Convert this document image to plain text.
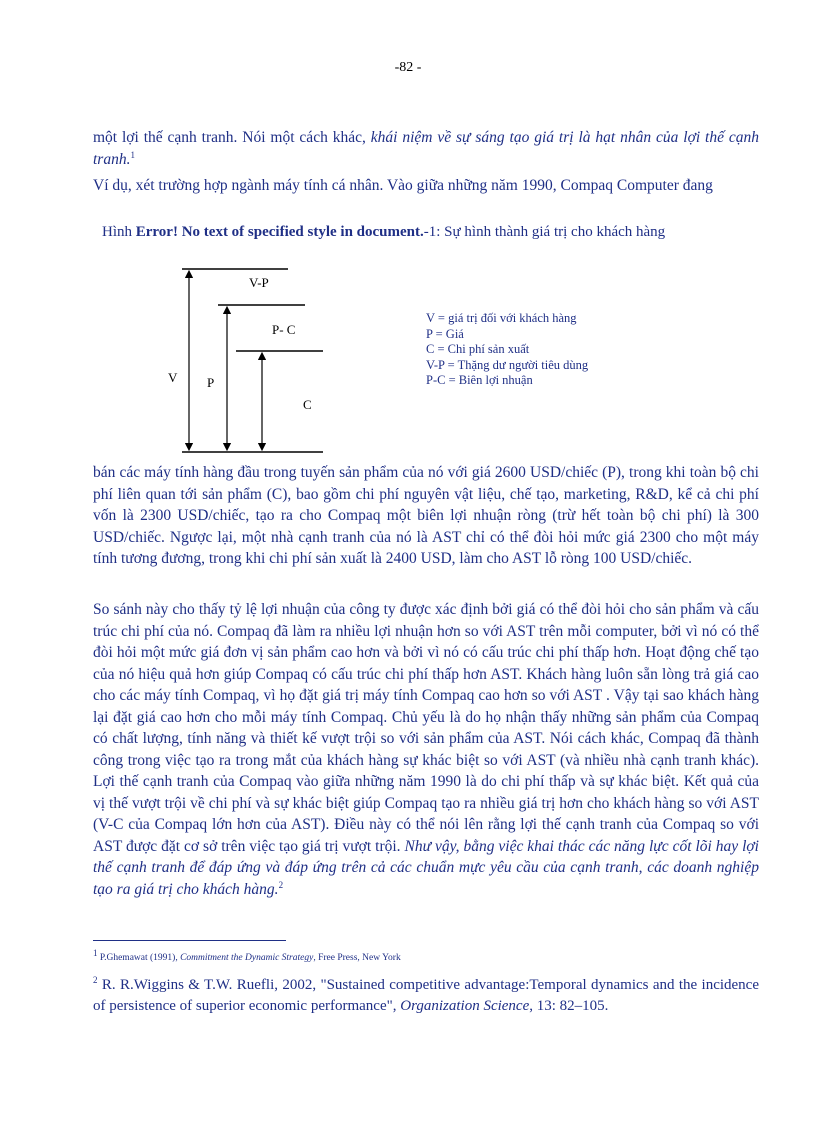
-82 -

một lợi thế cạnh tranh. Nói một cách khác, khái niệm về sự sáng tạo giá trị là hạt nhân của lợi thế cạnh tranh.$^1$

Ví dụ, xét trường hợp ngành máy tính cá nhân. Vào giữa những năm 1990, Compaq Computer đang

Hình Error! No text of specified style in document.-1: Sự hình thành giá trị cho khách hàng
V-P
P- C
V P
C
V = giá trị đối với khách hàng
P = Giá
C = Chi phí sản xuất
V-P = Thặng dư người tiêu dùng
P-C = Biên lợi nhuận

bán các máy tính hàng đầu trong tuyến sản phẩm của nó với giá 2600 USD/chiếc (P), trong khi toàn bộ chi phí liên quan tới sản phẩm (C), bao gồm chi phí nguyên vật liệu, chế tạo, marketing, R&D, kể cả chi phí vốn là 2300 USD/chiếc, tạo ra cho Compaq một biên lợi nhuận ròng (trừ hết toàn bộ chi phí) là 300 USD/chiếc. Ngược lại, một nhà cạnh tranh của nó là AST chỉ có thể đòi hỏi mức giá 2300 cho một máy tính tương đương, trong khi chi phí sản xuất là 2400 USD, làm cho AST lỗ ròng 100 USD/chiếc.

So sánh này cho thấy tỷ lệ lợi nhuận của công ty được xác định bởi giá có thể đòi hỏi cho sản phẩm và cấu trúc chi phí của nó. Compaq đã làm ra nhiều lợi nhuận hơn so với AST trên mỗi computer, bởi vì nó có thể đòi hỏi một mức giá đơn vị sản phẩm cao hơn và bởi vì nó có cấu trúc chi phí thấp hơn. Hoạt động chế tạo của nó hiệu quả hơn giúp Compaq có cấu trúc chi phí thấp hơn AST. Khách hàng luôn sẵn lòng trả giá cao cho các máy tính Compaq, vì họ đặt giá trị máy tính Compaq cao hơn so với AST . Vậy tại sao khách hàng lại đặt giá cao hơn cho mỗi máy tính Compaq. Chủ yếu là do họ nhận thấy những sản phẩm của Compaq có chất lượng, tính năng và thiết kế vượt trội so với sản phẩm của AST. Nói cách khác, Compaq đã thành công trong việc tạo ra trong mắt của khách hàng sự khác biệt so với AST (và nhiều nhà cạnh tranh khác). Lợi thế cạnh tranh của Compaq vào giữa những năm 1990 là do chi phí thấp và sự khác biệt. Kết quả của vị thế vượt trội về chi phí và sự khác biệt giúp Compaq tạo ra nhiều giá trị hơn cho khách hàng so với AST (V-C của Compaq lớn hơn của AST). Điều này có thể nói lên rằng lợi thế cạnh tranh của Compaq so với AST được đặt cơ sở trên việc tạo giá trị vượt trội. Như vậy, bằng việc khai thác các năng lực cốt lõi hay lợi thế cạnh tranh để đáp ứng và đáp ứng trên cả các chuẩn mực yêu cầu của cạnh tranh, các doanh nghiệp tạo ra giá trị cho khách hàng.$^2$

$^1$ P.Ghemawat (1991), Commitment the Dynamic Strategy, Free Press, New York

$^2$ R. R.Wiggins & T.W. Ruefli, 2002, "Sustained competitive advantage:Temporal dynamics and the incidence of persistence of superior economic performance", Organization Science, 13: 82–105.
